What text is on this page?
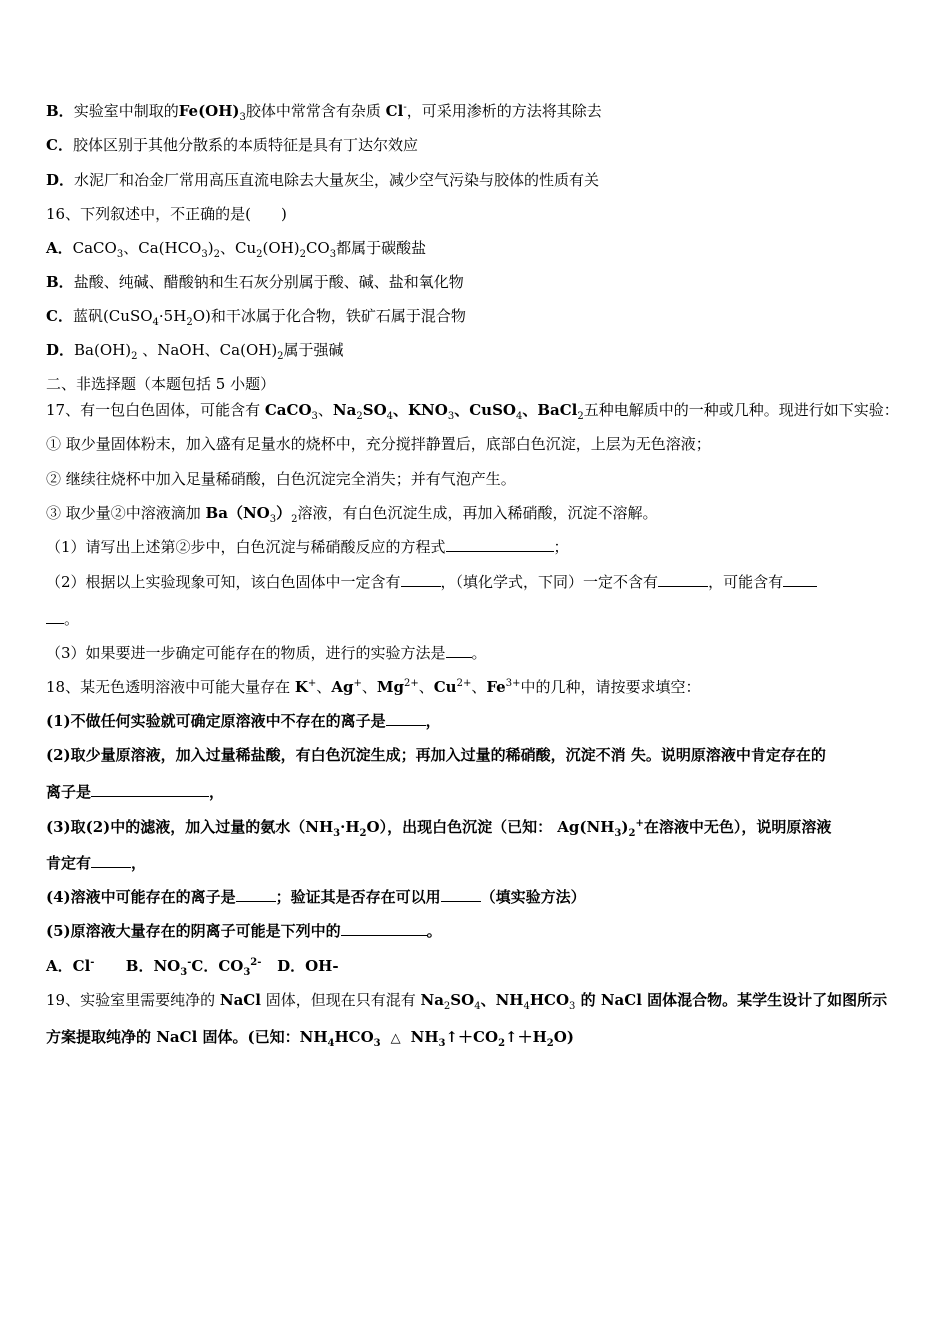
B．实验室中制取的$Fe(OH)_3$胶体中常常含有杂质 Cl-，可采用渗析的方法将其除去
C．胶体区别于其他分散系的本质特征是具有丁达尔效应
D．水泥厂和冶金厂常用高压直流电除去大量灰尘，减少空气污染与胶体的性质有关
16、下列叙述中，不正确的是(　　)
A．CaCO$_3$、$Ca(HCO_3)_2$、$Cu_2(OH)_2CO_3$都属于碳酸盐
B．盐酸、纯碱、醋酸钠和生石灰分别属于酸、碱、盐和氧化物
C．蓝矾$(CuSO_4\cdot 5H_2O)$和干冰属于化合物，铁矿石属于混合物
D．$Ba(OH)_2$ 、NaOH、$Ca(OH)_2$属于强碱
二、非选择题（本题包括 5 小题）
17、有一包白色固体，可能含有 CaCO$_3$、$Na_2SO_4$、$KNO_3$、CuSO$_4$、BaCl$_2$五种电解质中的一种或几种。现进行如下实验：
① 取少量固体粉末，加入盛有足量水的烧杯中，充分搅拌静置后，底部白色沉淀，上层为无色溶液；
② 继续往烧杯中加入足量稀硝酸，白色沉淀完全消失；并有气泡产生。
③ 取少量②中溶液滴加 $Ba(NO_3)_2$溶液，有白色沉淀生成，再加入稀硝酸，沉淀不溶解。
（1）请写出上述第②步中，白色沉淀与稀硝酸反应的方程式	；
（2）根据以上实验现象可知，该白色固体中一定含有	，（填化学式，下同）一定不含有	，可能含有
。
（3）如果要进一步确定可能存在的物质，进行的实验方法是 。
18、某无色透明溶液中可能大量存在 K+、Ag+、$Mg^{2+}$、$Cu^{2+}$、$Fe^{3+}$中的几种，请按要求填空：
(1)不做任何实验就可确定原溶液中不存在的离子是	，
(2)取少量原溶液，加入过量稀盐酸，有白色沉淀生成；再加入过量的稀硝酸，沉淀不消 失。说明原溶液中肯定存在的
离子是	，
(3)取(2)中的滤液，加入过量的氨水$(NH_3\cdot H_2O)$，出现白色沉淀（已知： $Ag(NH_3)_2^+$在溶液中无色），说明原溶液
肯定有	，
(4)溶液中可能存在的离子是	；验证其是否存在可以用	（填实验方法）
(5)原溶液大量存在的阴离子可能是下列中的	。
A．Cl- B．$NO_3^-C$．$CO_3^{2-}$ D．OH-
19、实验室里需要纯净的 NaCl 固体，但现在只有混有 $Na_2SO_4$、$NH_4HCO_3$ 的 NaCl 固体混合物。某学生设计了如图所示
方案提取纯净的 NaCl 固体。(已知：$NH_4HCO_3$ △ $NH_3↑+CO_2↑+H_2O$)
